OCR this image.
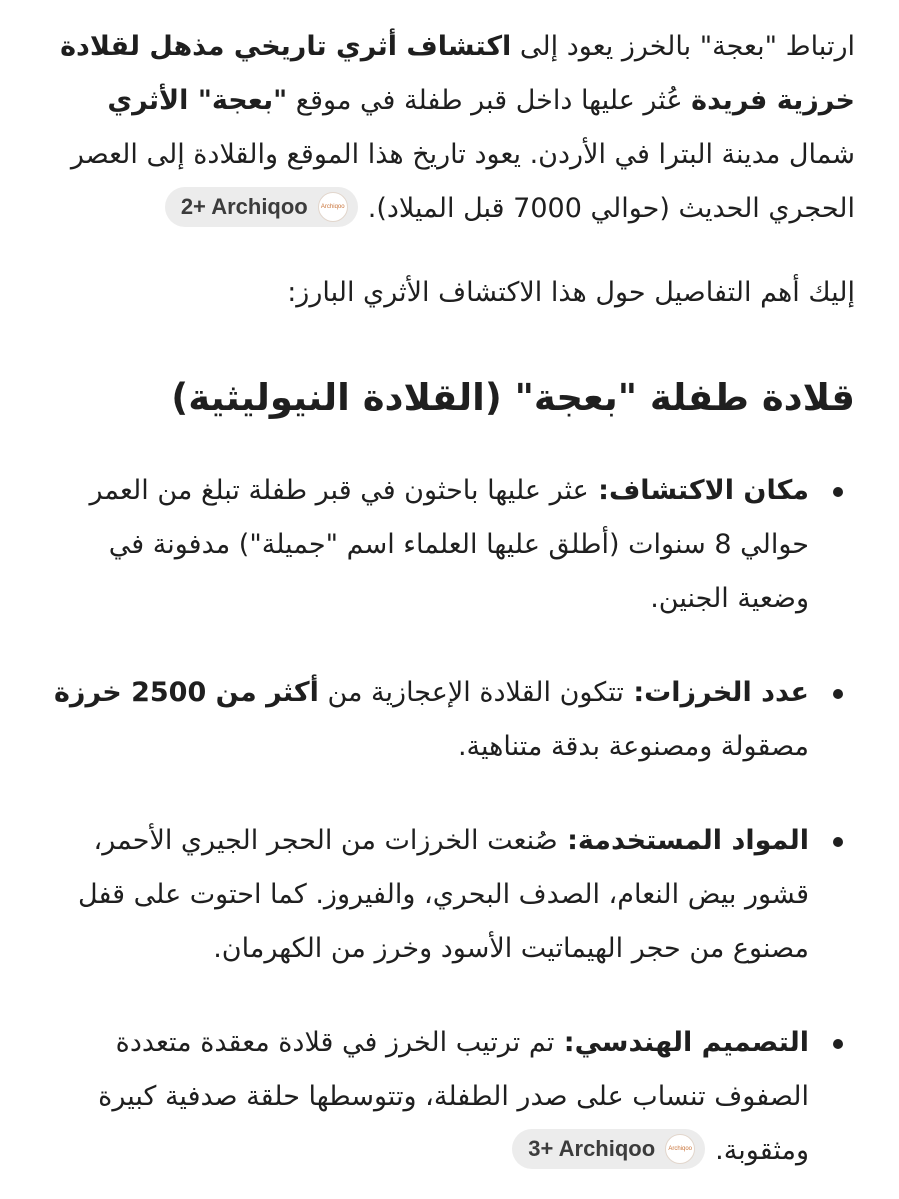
ارتباط "بعجة" بالخرز يعود إلى اكتشاف أثري تاريخي مذهل لقلادة خرزية فريدة عُثر عليها داخل قبر طفلة في موقع "بعجة" الأثري شمال مدينة البترا في الأردن. يعود تاريخ هذا الموقع والقلادة إلى العصر الحجري الحديث (حوالي 7000 قبل الميلاد).
2+ Archiqoo	Archiqoo

إليك أهم التفاصيل حول هذا الاكتشاف الأثري البارز:

قلادة طفلة "بعجة" (القلادة النيوليثية)
مكان الاكتشاف: عثر عليها باحثون في قبر طفلة تبلغ من العمر حوالي 8 سنوات (أطلق عليها العلماء اسم "جميلة") مدفونة في وضعية الجنين.
عدد الخرزات: تتكون القلادة الإعجازية من أكثر من 2500 خرزة مصقولة ومصنوعة بدقة متناهية.
المواد المستخدمة: صُنعت الخرزات من الحجر الجيري الأحمر، قشور بيض النعام، الصدف البحري، والفيروز. كما احتوت على قفل مصنوع من حجر الهيماتيت الأسود وخرز من الكهرمان.
التصميم الهندسي: تم ترتيب الخرز في قلادة معقدة متعددة الصفوف تنساب على صدر الطفلة، وتتوسطها حلقة صدفية كبيرة ومثقوبة.
3+ Archiqoo	Archiqoo
